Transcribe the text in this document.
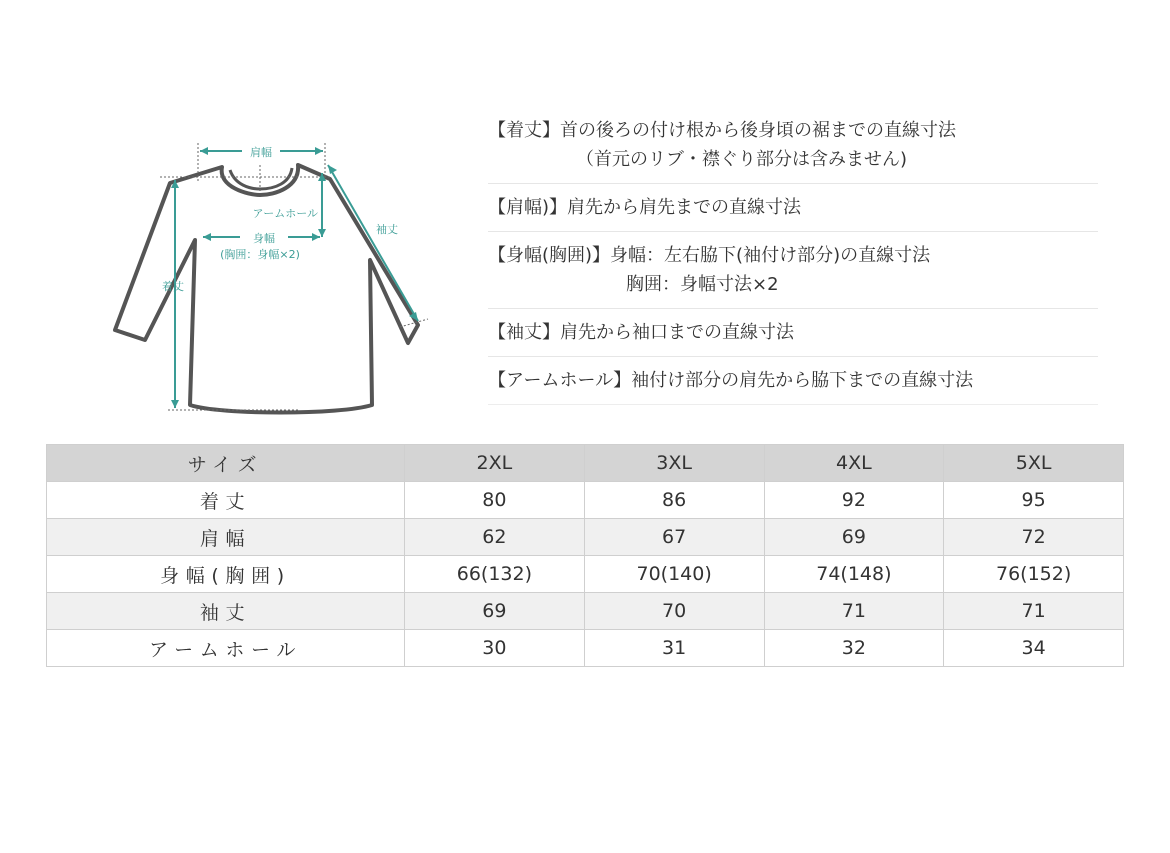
肩幅
アームホール
身幅
(胸囲：身幅×2)
着丈
袖丈
【着丈】首の後ろの付け根から後身頃の裾までの直線寸法
（首元のリブ・襟ぐり部分は含みません)
【肩幅)】肩先から肩先までの直線寸法
【身幅(胸囲)】身幅：左右脇下(袖付け部分)の直線寸法
胸囲：身幅寸法×2
【袖丈】肩先から袖口までの直線寸法
【アームホール】袖付け部分の肩先から脇下までの直線寸法
サイズ	2XL	3XL	4XL	5XL
着丈	80	86	92	95
肩幅	62	67	69	72
身幅(胸囲)	66(132)	70(140)	74(148)	76(152)
袖丈	69	70	71	71
アームホール	30	31	32	34
